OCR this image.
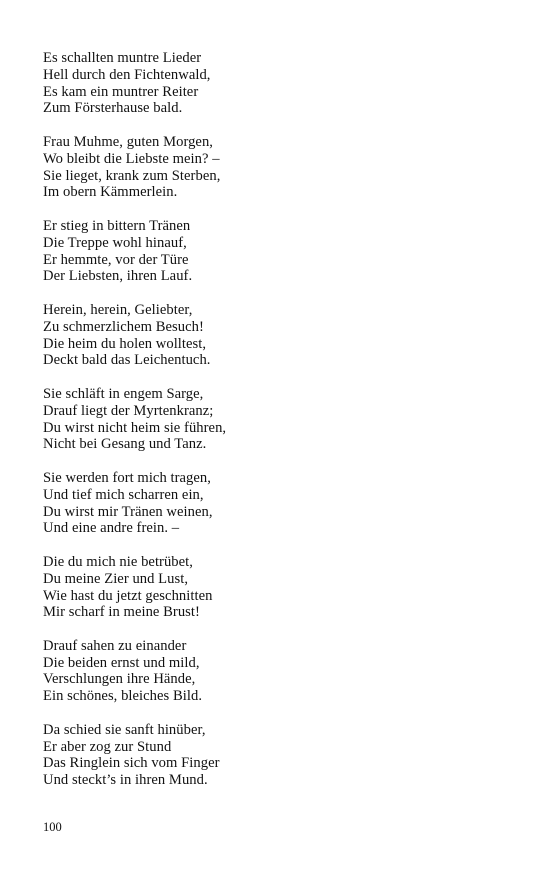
Es schallten muntre Lieder
Hell durch den Fichtenwald,
Es kam ein muntrer Reiter
Zum Försterhause bald.
Frau Muhme, guten Morgen,
Wo bleibt die Liebste mein? –
Sie lieget, krank zum Sterben,
Im obern Kämmerlein.
Er stieg in bittern Tränen
Die Treppe wohl hinauf,
Er hemmte, vor der Türe
Der Liebsten, ihren Lauf.
Herein, herein, Geliebter,
Zu schmerzlichem Besuch!
Die heim du holen wolltest,
Deckt bald das Leichentuch.
Sie schläft in engem Sarge,
Drauf liegt der Myrtenkranz;
Du wirst nicht heim sie führen,
Nicht bei Gesang und Tanz.
Sie werden fort mich tragen,
Und tief mich scharren ein,
Du wirst mir Tränen weinen,
Und eine andre frein. –
Die du mich nie betrübet,
Du meine Zier und Lust,
Wie hast du jetzt geschnitten
Mir scharf in meine Brust!
Drauf sahen zu einander
Die beiden ernst und mild,
Verschlungen ihre Hände,
Ein schönes, bleiches Bild.
Da schied sie sanft hinüber,
Er aber zog zur Stund
Das Ringlein sich vom Finger
Und steckt’s in ihren Mund.
100
